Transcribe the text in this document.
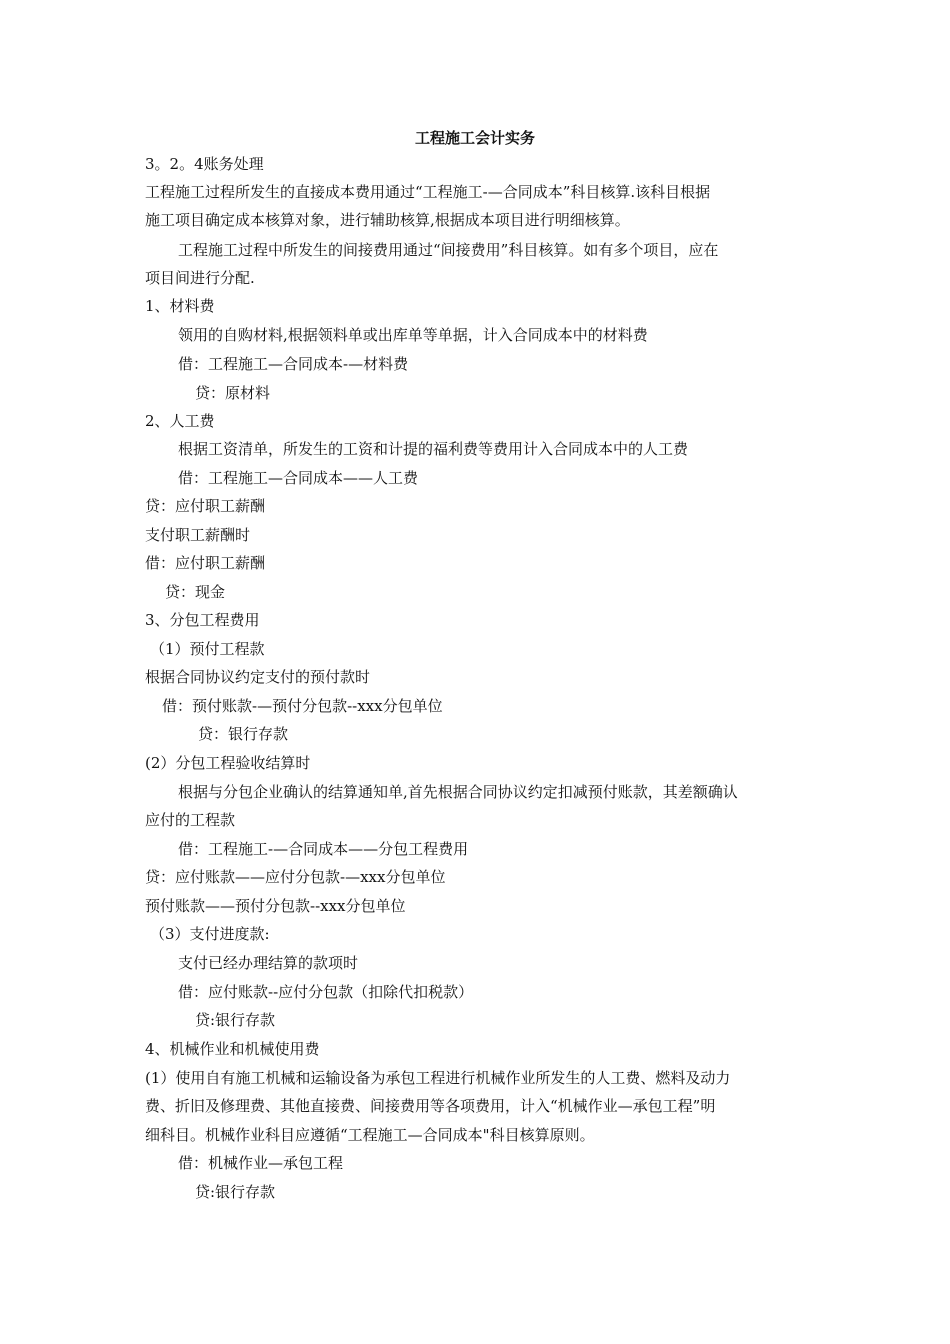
工程施工会计实务
3。2。4账务处理
工程施工过程所发生的直接成本费用通过“工程施工-—合同成本”科目核算.该科目根据
施工项目确定成本核算对象，进行辅助核算,根据成本项目进行明细核算。
工程施工过程中所发生的间接费用通过“间接费用”科目核算。如有多个项目，应在
项目间进行分配.
1、材料费
领用的自购材料,根据领料单或出库单等单据，计入合同成本中的材料费
借：工程施工—合同成本-—材料费
贷：原材料
2、人工费
根据工资清单，所发生的工资和计提的福利费等费用计入合同成本中的人工费
借：工程施工—合同成本——人工费
贷：应付职工薪酬
支付职工薪酬时
借：应付职工薪酬
贷：现金
3、分包工程费用
（1）预付工程款
根据合同协议约定支付的预付款时
借：预付账款-—预付分包款--xxx分包单位
贷：银行存款
(2）分包工程验收结算时
根据与分包企业确认的结算通知单,首先根据合同协议约定扣减预付账款，其差额确认
应付的工程款
借：工程施工-—合同成本——分包工程费用
贷：应付账款——应付分包款-—xxx分包单位
预付账款——预付分包款--xxx分包单位
（3）支付进度款:
支付已经办理结算的款项时
借：应付账款--应付分包款（扣除代扣税款）
贷:银行存款
4、机械作业和机械使用费
(1）使用自有施工机械和运输设备为承包工程进行机械作业所发生的人工费、燃料及动力
费、折旧及修理费、其他直接费、间接费用等各项费用，计入“机械作业—承包工程”明
细科目。机械作业科目应遵循“工程施工—合同成本"科目核算原则。
借：机械作业—承包工程
贷:银行存款
